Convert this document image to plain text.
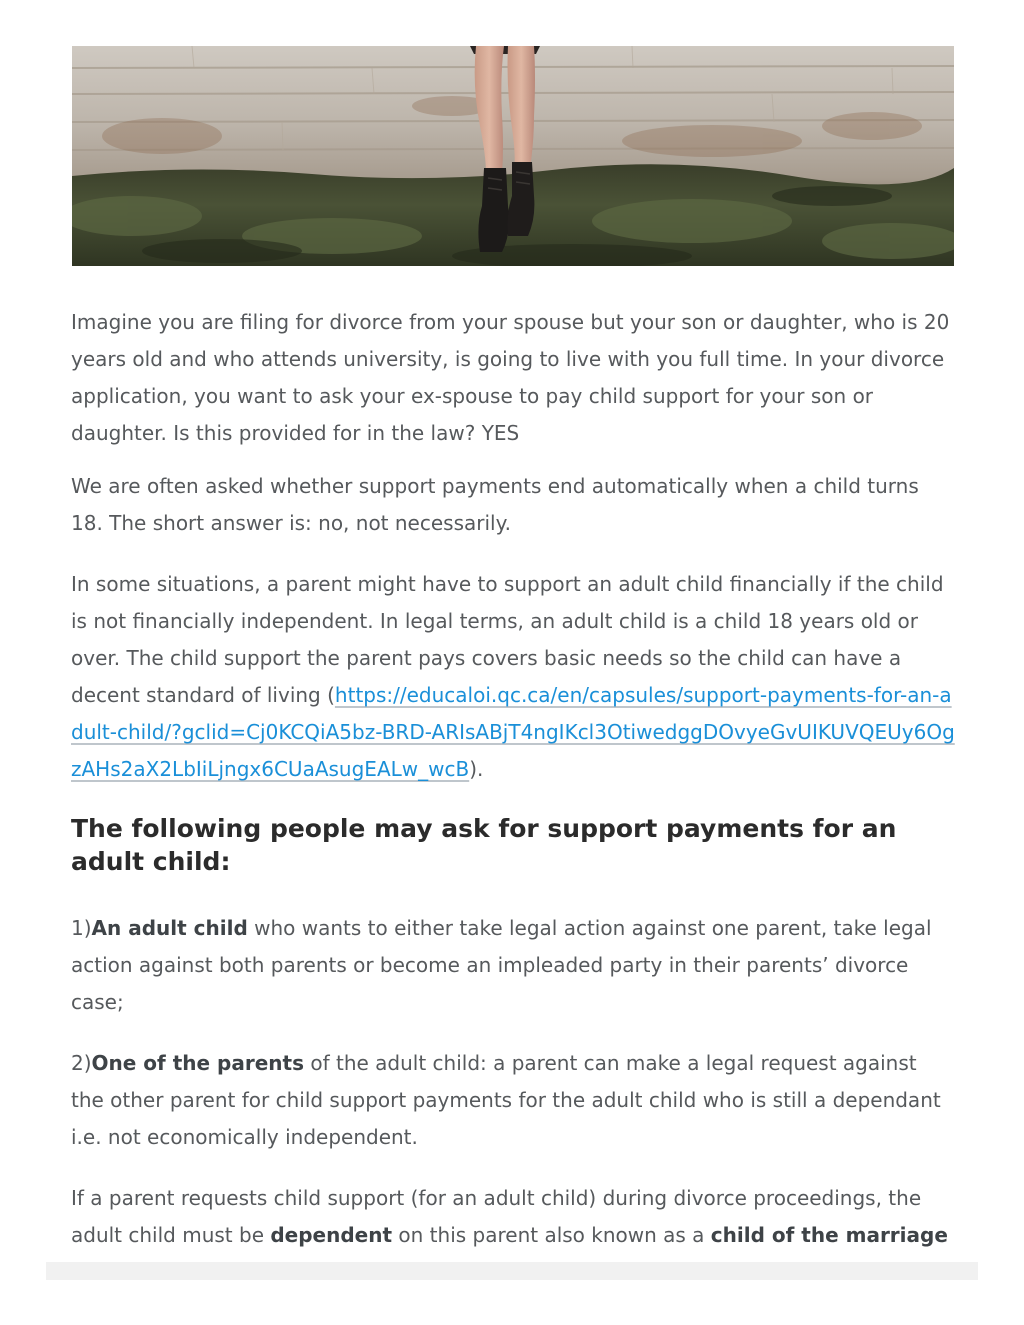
Imagine you are filing for divorce from your spouse but your son or daughter, who is 20 years old and who attends university, is going to live with you full time. In your divorce application, you want to ask your ex-spouse to pay child support for your son or daughter. Is this provided for in the law? YES

We are often asked whether support payments end automatically when a child turns 18. The short answer is: no, not necessarily.

In some situations, a parent might have to support an adult child financially if the child is not financially independent. In legal terms, an adult child is a child 18 years old or over. The child support the parent pays covers basic needs so the child can have a decent standard of living (https://educaloi.qc.ca/en/capsules/support-payments-for-an-adult-child/?gclid=Cj0KCQiA5bz-BRD-ARIsABjT4ngIKcl3OtiwedggDOvyeGvUIKUVQEUy6OgzAHs2aX2LbIiLjngx6CUaAsugEALw_wcB).

The following people may ask for support payments for an adult child:

1)An adult child who wants to either take legal action against one parent, take legal action against both parents or become an impleaded party in their parents’ divorce case;

2)One of the parents of the adult child: a parent can make a legal request against the other parent for child support payments for the adult child who is still a dependant i.e. not economically independent.

If a parent requests child support (for an adult child) during divorce proceedings, the adult child must be dependent on this parent also known as a child of the marriage
